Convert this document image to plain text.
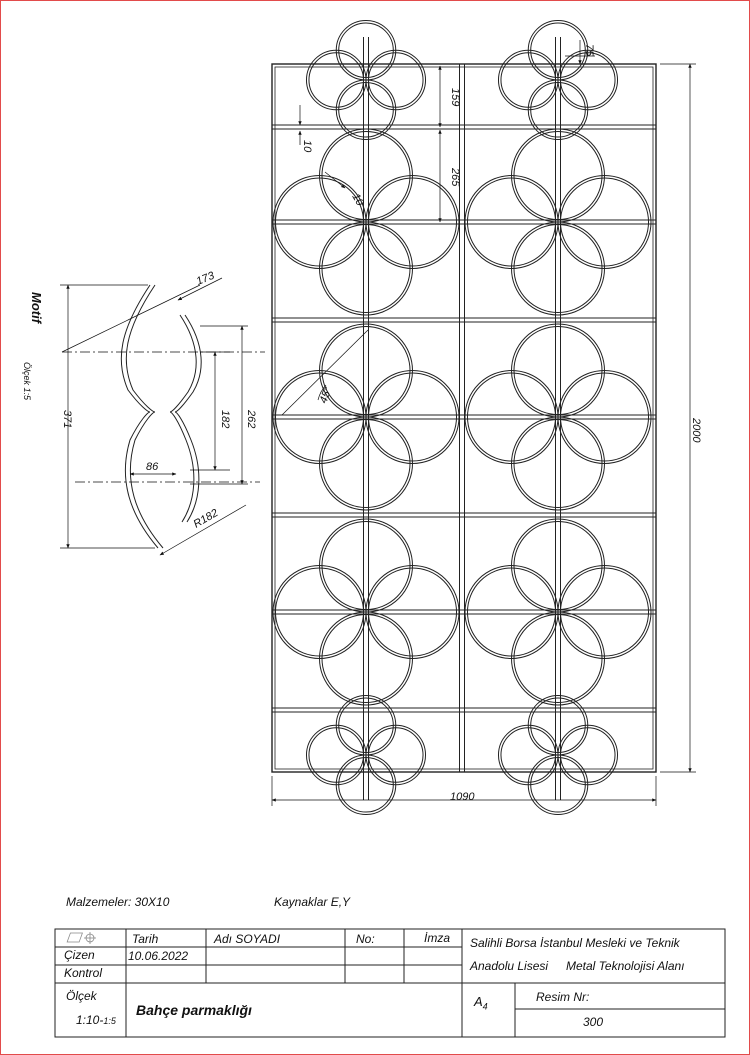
2000
1090
75
159
265
10
10
45°
173
371	182 262
86
R182
Motif
Ölçek 1:5
Malzemeler: 30X10	Kaynaklar E,Y
Tarih	Adı SOYADI	No:	İmza
Çizen	10.06.2022
Kontrol
Salihli Borsa İstanbul Mesleki ve Teknik
Anadolu Lisesi Metal Teknolojisi Alanı
Ölçek
1:10-1:5
Bahçe parmaklığı
$A_4$
Resim Nr:
300
